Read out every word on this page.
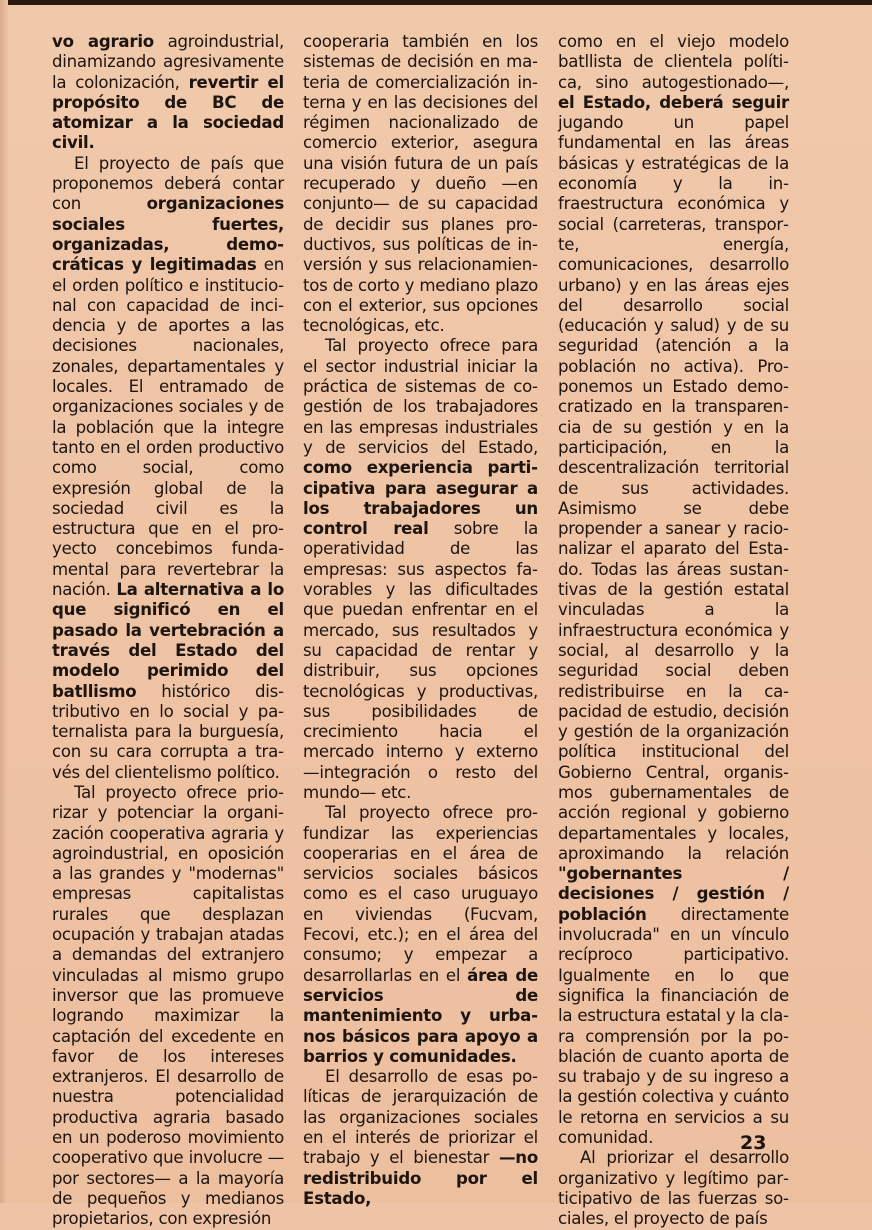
vo agrario agroindustrial, dinamizando agresivamente la colonización, revertir el propósito de BC de atomizar a la sociedad civil.

El proyecto de país que proponemos deberá contar con organizaciones sociales fuertes, organizadas, democráticas y legitimadas en el orden político e institucional con capacidad de incidencia y de aportes a las decisiones nacionales, zonales, departamentales y locales. El entramado de organizaciones sociales y de la población que la integre tanto en el orden productivo como social, como expresión global de la sociedad civil es la estructura que en el proyecto concebimos fundamental para revertebrar la nación. La alternativa a lo que significó en el pasado la vertebración a través del Estado del modelo perimido del batllismo histórico distributivo en lo social y paternalista para la burguesía, con su cara corrupta a través del clientelismo político.

Tal proyecto ofrece priorizar y potenciar la organización cooperativa agraria y agroindustrial, en oposición a las grandes y "modernas" empresas capitalistas rurales que desplazan ocupación y trabajan atadas a demandas del extranjero vinculadas al mismo grupo inversor que las promueve logrando maximizar la captación del excedente en favor de los intereses extranjeros. El desarrollo de nuestra potencialidad productiva agraria basado en un poderoso movimiento cooperativo que involucre —por sectores— a la mayoría de pequeños y medianos propietarios, con expresión

cooperaria también en los sistemas de decisión en materia de comercialización interna y en las decisiones del régimen nacionalizado de comercio exterior, asegura una visión futura de un país recuperado y dueño —en conjunto— de su capacidad de decidir sus planes productivos, sus políticas de inversión y sus relacionamientos de corto y mediano plazo con el exterior, sus opciones tecnológicas, etc.

Tal proyecto ofrece para el sector industrial iniciar la práctica de sistemas de cogestión de los trabajadores en las empresas industriales y de servicios del Estado, como experiencia participativa para asegurar a los trabajadores un control real sobre la operatividad de las empresas: sus aspectos favorables y las dificultades que puedan enfrentar en el mercado, sus resultados y su capacidad de rentar y distribuir, sus opciones tecnológicas y productivas, sus posibilidades de crecimiento hacia el mercado interno y externo —integración o resto del mundo— etc.

Tal proyecto ofrece profundizar las experiencias cooperarias en el área de servicios sociales básicos como es el caso uruguayo en viviendas (Fucvam, Fecovi, etc.); en el área del consumo; y empezar a desarrollarlas en el área de servicios de mantenimiento y urbanos básicos para apoyo a barrios y comunidades.

El desarrollo de esas políticas de jerarquización de las organizaciones sociales en el interés de priorizar el trabajo y el bienestar —no redistribuido por el Estado,

como en el viejo modelo batllista de clientela política, sino autogestionado—, el Estado, deberá seguir jugando un papel fundamental en las áreas básicas y estratégicas de la economía y la infraestructura económica y social (carreteras, transporte, energía, comunicaciones, desarrollo urbano) y en las áreas ejes del desarrollo social (educación y salud) y de su seguridad (atención a la población no activa). Proponemos un Estado democratizado en la transparencia de su gestión y en la participación, en la descentralización territorial de sus actividades. Asimismo se debe propender a sanear y racionalizar el aparato del Estado. Todas las áreas sustantivas de la gestión estatal vinculadas a la infraestructura económica y social, al desarrollo y la seguridad social deben redistribuirse en la capacidad de estudio, decisión y gestión de la organización política institucional del Gobierno Central, organismos gubernamentales de acción regional y gobierno departamentales y locales, aproximando la relación "gobernantes / decisiones / gestión / población directamente involucrada" en un vínculo recíproco participativo. Igualmente en lo que significa la financiación de la estructura estatal y la clara comprensión por la población de cuanto aporta de su trabajo y de su ingreso a la gestión colectiva y cuánto le retorna en servicios a su comunidad.

Al priorizar el desarrollo organizativo y legítimo participativo de las fuerzas sociales, el proyecto de país

23
